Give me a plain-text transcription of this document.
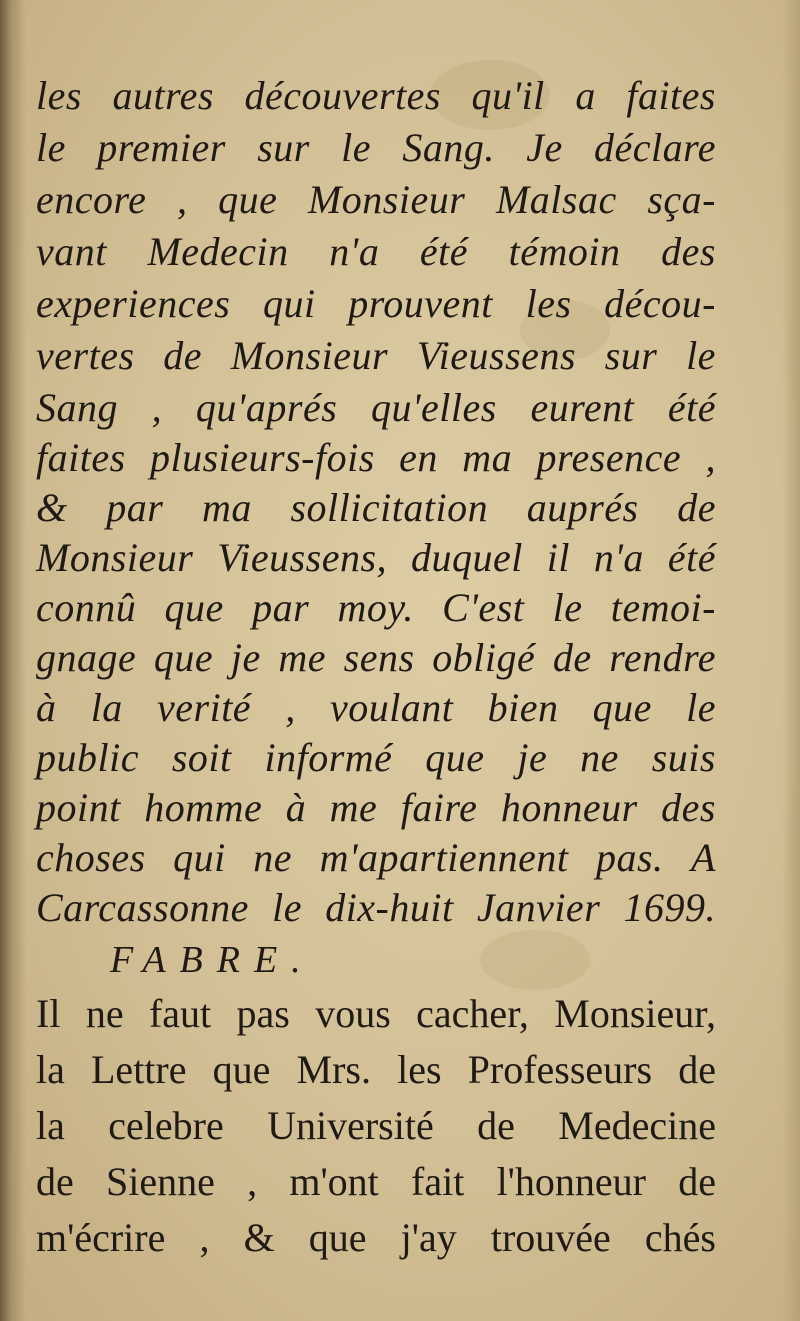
les autres découvertes qu'il a faites
le premier sur le Sang. Je déclare
encore , que Monsieur Malsac sça-
vant Medecin n'a été témoin des
experiences qui prouvent les décou-
vertes de Monsieur Vieussens sur le
Sang , qu'aprés qu'elles eurent été
faites plusieurs-fois en ma presence ,
& par ma sollicitation auprés de
Monsieur Vieussens, duquel il n'a été
connû que par moy. C'est le temoi-
gnage que je me sens obligé de rendre
à la verité , voulant bien que le
public soit informé que je ne suis
point homme à me faire honneur des
choses qui ne m'apartiennent pas. A
Carcassonne le dix-huit Janvier 1699.
FABRE.
Il ne faut pas vous cacher, Monsieur,
la Lettre que Mrs. les Professeurs de
la celebre Université de Medecine
de Sienne , m'ont fait l'honneur de
m'écrire , & que j'ay trouvée chés
